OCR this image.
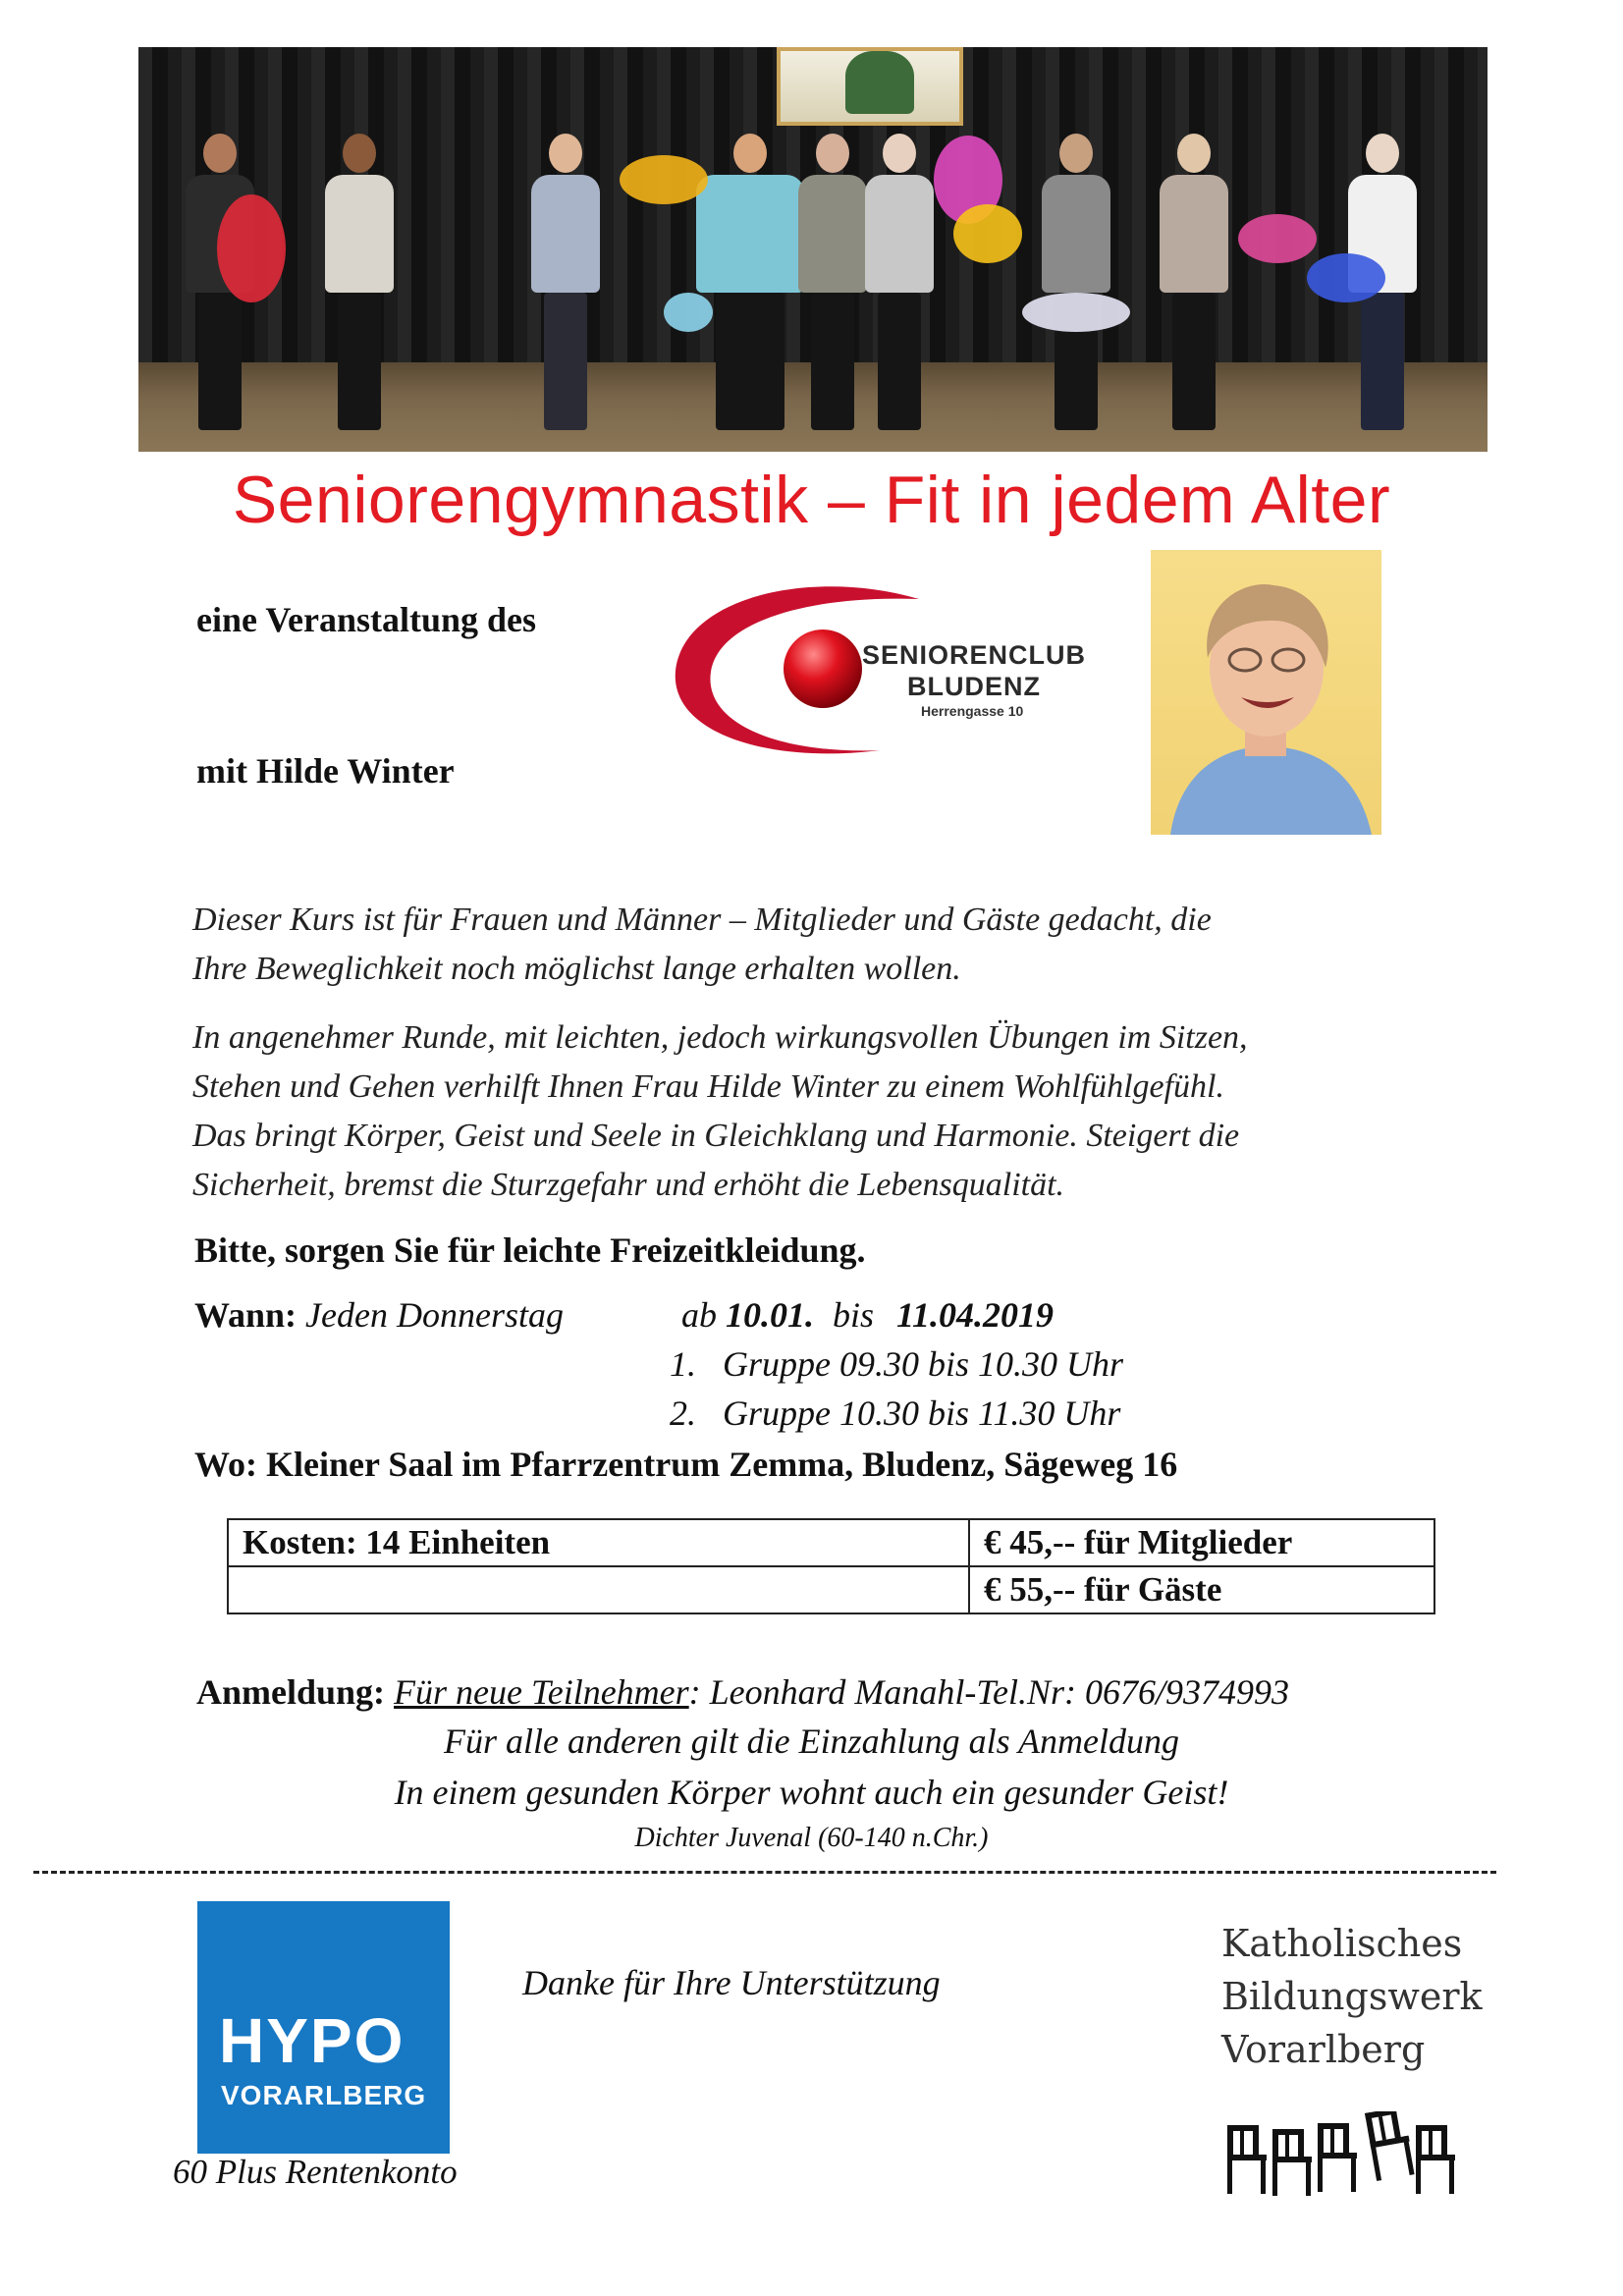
Seniorengymnastik – Fit in jedem Alter
eine Veranstaltung des
mit Hilde Winter
SENIORENCLUB
BLUDENZ
Herrengasse 10
Dieser Kurs ist für Frauen und Männer – Mitglieder und Gäste gedacht, die
Ihre Beweglichkeit noch möglichst lange erhalten wollen.
In angenehmer Runde, mit leichten, jedoch wirkungsvollen Übungen im Sitzen,
Stehen und Gehen verhilft Ihnen Frau Hilde Winter zu einem Wohlfühlgefühl.
Das bringt Körper, Geist und Seele in Gleichklang und Harmonie. Steigert die
Sicherheit, bremst die Sturzgefahr und erhöht die Lebensqualität.
Bitte, sorgen Sie für leichte Freizeitkleidung.
Wann: Jeden Donnerstag	ab 10.01. bis 11.04.2019
1. Gruppe 09.30 bis 10.30 Uhr
2. Gruppe 10.30 bis 11.30 Uhr
Wo: Kleiner Saal im Pfarrzentrum Zemma, Bludenz, Sägeweg 16
Kosten: 14 Einheiten	€ 45,-- für Mitglieder
	€ 55,-- für Gäste
Anmeldung: Für neue Teilnehmer: Leonhard Manahl-Tel.Nr: 0676/9374993
Für alle anderen gilt die Einzahlung als Anmeldung
In einem gesunden Körper wohnt auch ein gesunder Geist!
Dichter Juvenal (60-140 n.Chr.)
HYPO
VORARLBERG
60 Plus Rentenkonto
Danke für Ihre Unterstützung
Katholisches
Bildungswerk
Vorarlberg
